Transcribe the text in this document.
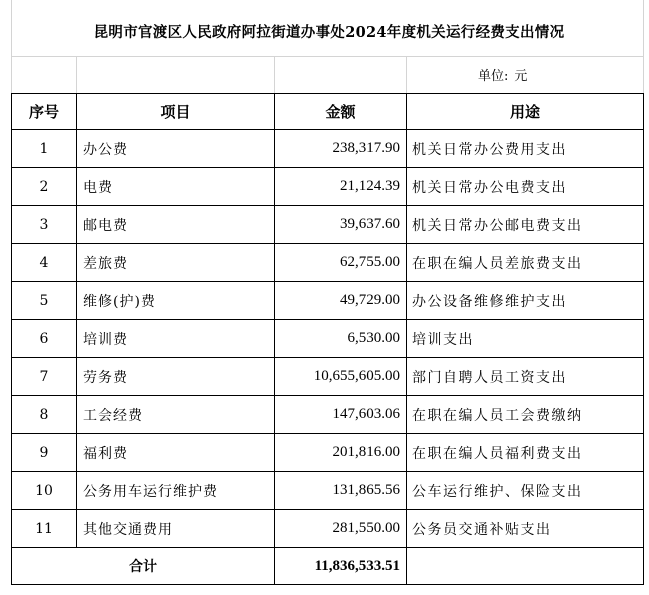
昆明市官渡区人民政府阿拉街道办事处2024年度机关运行经费支出情况
单位: 元
序号	项目	金额	用途
1	办公费	238,317.90	机关日常办公费用支出
2	电费	21,124.39	机关日常办公电费支出
3	邮电费	39,637.60	机关日常办公邮电费支出
4	差旅费	62,755.00	在职在编人员差旅费支出
5	维修(护)费	49,729.00	办公设备维修维护支出
6	培训费	6,530.00	培训支出
7	劳务费	10,655,605.00	部门自聘人员工资支出
8	工会经费	147,603.06	在职在编人员工会费缴纳
9	福利费	201,816.00	在职在编人员福利费支出
10	公务用车运行维护费	131,865.56	公车运行维护、保险支出
11	其他交通费用	281,550.00	公务员交通补贴支出
合计		11,836,533.51	
